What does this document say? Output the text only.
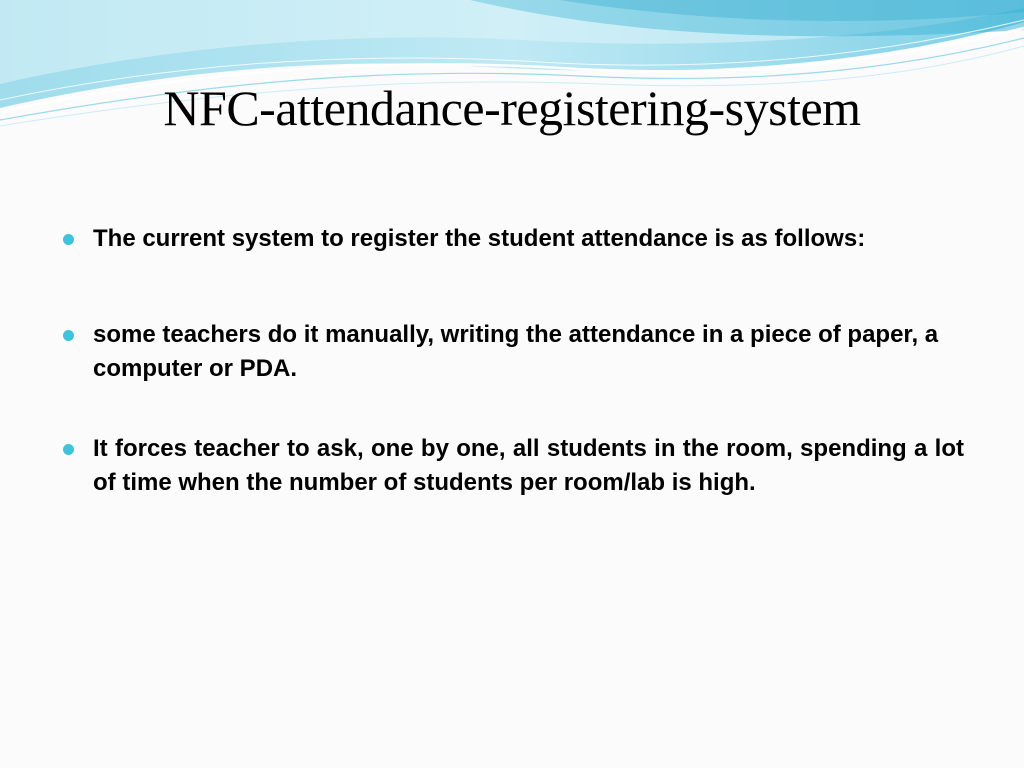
NFC-attendance-registering-system
The current system to register the student attendance is as follows:
some teachers do it manually, writing the attendance in a piece of paper, a computer or PDA.
It forces teacher to ask, one by one, all students in the room, spending a lot of time when the number of students per room/lab is high.
